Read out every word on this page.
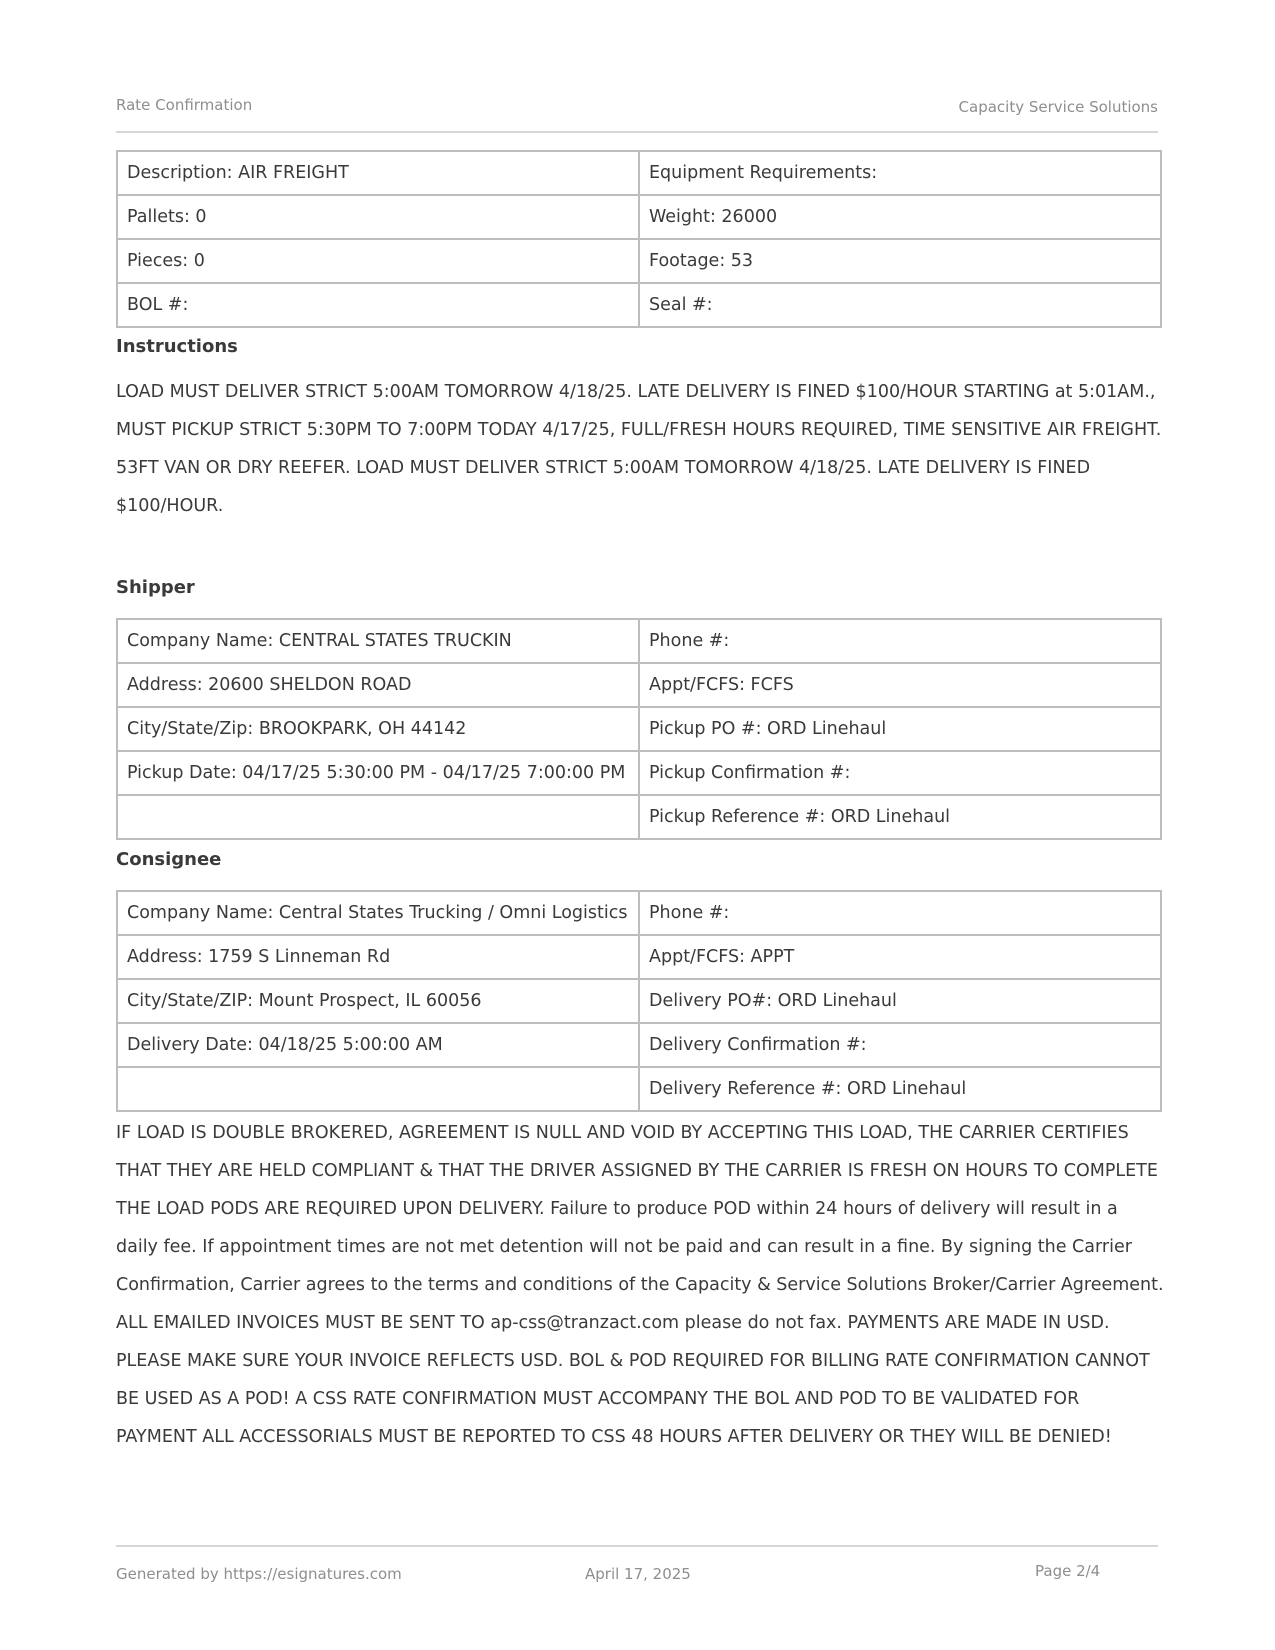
Rate Confirmation	Capacity Service Solutions
Description: AIR FREIGHT	Equipment Requirements:
Pallets: 0	Weight: 26000
Pieces: 0	Footage: 53
BOL #:	Seal #:
Instructions
LOAD MUST DELIVER STRICT 5:00AM TOMORROW 4/18/25. LATE DELIVERY IS FINED $100/HOUR STARTING at 5:01AM.,
MUST PICKUP STRICT 5:30PM TO 7:00PM TODAY 4/17/25, FULL/FRESH HOURS REQUIRED, TIME SENSITIVE AIR FREIGHT.
53FT VAN OR DRY REEFER. LOAD MUST DELIVER STRICT 5:00AM TOMORROW 4/18/25. LATE DELIVERY IS FINED
$100/HOUR.
Shipper
Company Name: CENTRAL STATES TRUCKIN	Phone #:
Address: 20600 SHELDON ROAD	Appt/FCFS: FCFS
City/State/Zip: BROOKPARK, OH 44142	Pickup PO #: ORD Linehaul
Pickup Date: 04/17/25 5:30:00 PM - 04/17/25 7:00:00 PM	Pickup Confirmation #:
	Pickup Reference #: ORD Linehaul
Consignee
Company Name: Central States Trucking / Omni Logistics	Phone #:
Address: 1759 S Linneman Rd	Appt/FCFS: APPT
City/State/ZIP: Mount Prospect, IL 60056	Delivery PO#: ORD Linehaul
Delivery Date: 04/18/25 5:00:00 AM	Delivery Confirmation #:
	Delivery Reference #: ORD Linehaul
IF LOAD IS DOUBLE BROKERED, AGREEMENT IS NULL AND VOID BY ACCEPTING THIS LOAD, THE CARRIER CERTIFIES
THAT THEY ARE HELD COMPLIANT & THAT THE DRIVER ASSIGNED BY THE CARRIER IS FRESH ON HOURS TO COMPLETE
THE LOAD PODS ARE REQUIRED UPON DELIVERY. Failure to produce POD within 24 hours of delivery will result in a
daily fee. If appointment times are not met detention will not be paid and can result in a fine. By signing the Carrier
Confirmation, Carrier agrees to the terms and conditions of the Capacity & Service Solutions Broker/Carrier Agreement.
ALL EMAILED INVOICES MUST BE SENT TO ap-css@tranzact.com please do not fax. PAYMENTS ARE MADE IN USD.
PLEASE MAKE SURE YOUR INVOICE REFLECTS USD. BOL & POD REQUIRED FOR BILLING RATE CONFIRMATION CANNOT
BE USED AS A POD! A CSS RATE CONFIRMATION MUST ACCOMPANY THE BOL AND POD TO BE VALIDATED FOR
PAYMENT ALL ACCESSORIALS MUST BE REPORTED TO CSS 48 HOURS AFTER DELIVERY OR THEY WILL BE DENIED!
Generated by https://esignatures.com	April 17, 2025	Page 2/4
